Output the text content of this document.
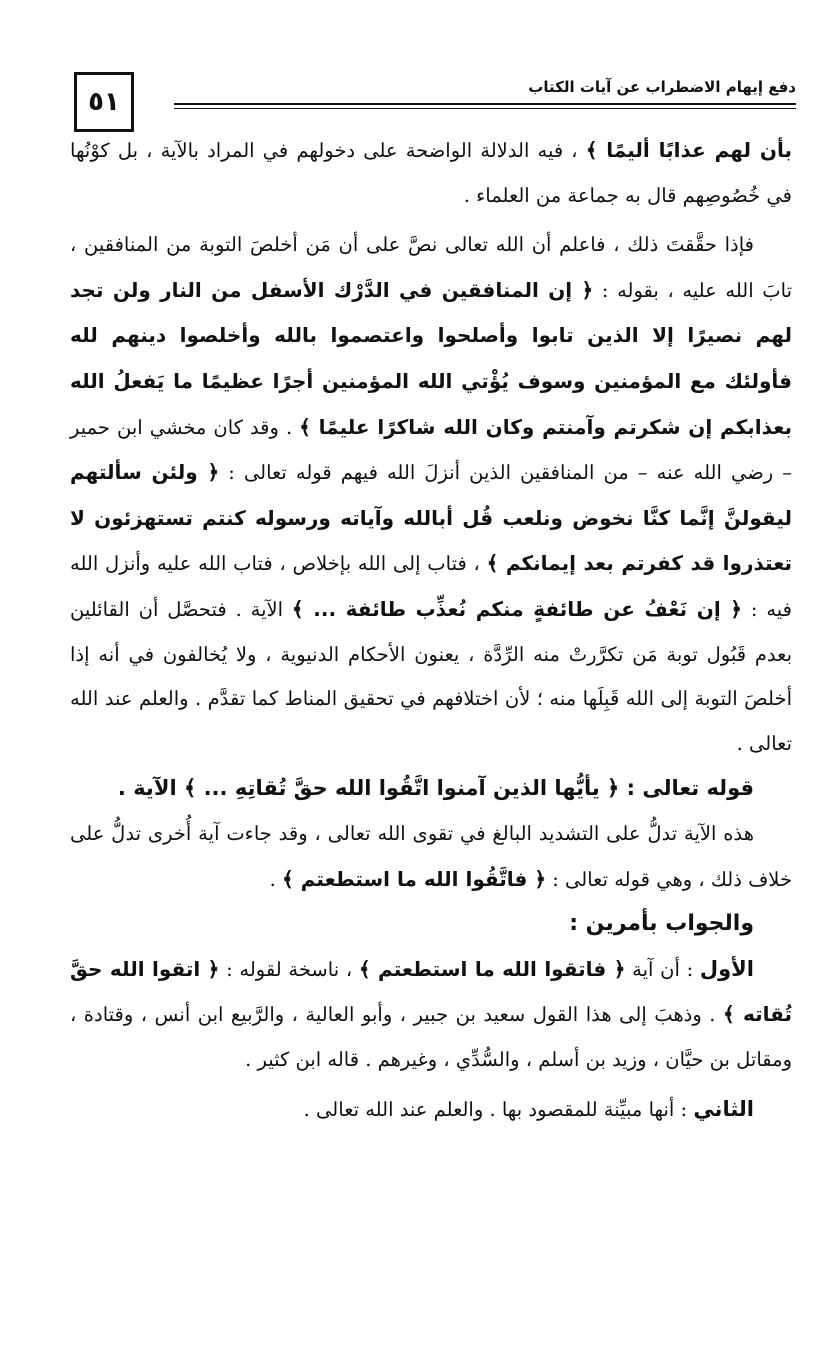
٥١	دفع إيهام الاضطراب عن آيات الكتاب

بأن لهم عذابًا أليمًا ﴾ ، فيه الدلالة الواضحة على دخولهم في المراد بالآية ، بل كوْنُها في خُصُوصِهم قال به جماعة من العلماء .

فإذا حقَّقتَ ذلك ، فاعلم أن الله تعالى نصَّ على أن مَن أخلصَ التوبة من المنافقين ، تابَ الله عليه ، بقوله : ﴿ إن المنافقين في الدَّرْك الأسفل من النار ولن تجد لهم نصيرًا إلا الذين تابوا وأصلحوا واعتصموا بالله وأخلصوا دينهم لله فأولئك مع المؤمنين وسوف يُؤْتي الله المؤمنين أجرًا عظيمًا ما يَفعلُ الله بعذابكم إن شكرتم وآمنتم وكان الله شاكرًا عليمًا ﴾ . وقد كان مخشي ابن حمير – رضي الله عنه – من المنافقين الذين أنزلَ الله فيهم قوله تعالى : ﴿ ولئن سألتهم ليقولنَّ إنَّما كنَّا نخوض ونلعب قُل أبالله وآياته ورسوله كنتم تستهزئون لا تعتذروا قد كفرتم بعد إيمانكم ﴾ ، فتاب إلى الله بإخلاص ، فتاب الله عليه وأنزل الله فيه : ﴿ إن نَعْفُ عن طائفةٍ منكم نُعذِّب طائفة ... ﴾ الآية . فتحصَّل أن القائلين بعدم قَبُول توبة مَن تكرَّرتْ منه الرِّدَّة ، يعنون الأحكام الدنيوية ، ولا يُخالفون في أنه إذا أخلصَ التوبة إلى الله قَبِلَها منه ؛ لأن اختلافهم في تحقيق المناط كما تقدَّم . والعلم عند الله تعالى .

قوله تعالى : ﴿ يأيُّها الذين آمنوا اتَّقُوا الله حقَّ تُقاتِهِ ... ﴾ الآية .

هذه الآية تدلُّ على التشديد البالغ في تقوى الله تعالى ، وقد جاءت آية أُخرى تدلُّ على خلاف ذلك ، وهي قوله تعالى : ﴿ فاتَّقُوا الله ما استطعتم ﴾ .

والجواب بأمرين :

الأول : أن آية ﴿ فاتقوا الله ما استطعتم ﴾ ، ناسخة لقوله : ﴿ اتقوا الله حقَّ تُقاته ﴾ . وذهبَ إلى هذا القول سعيد بن جبير ، وأبو العالية ، والرَّبيع ابن أنس ، وقتادة ، ومقاتل بن حيَّان ، وزيد بن أسلم ، والسُّدِّي ، وغيرهم . قاله ابن كثير .

الثاني : أنها مبيِّنة للمقصود بها . والعلم عند الله تعالى .
